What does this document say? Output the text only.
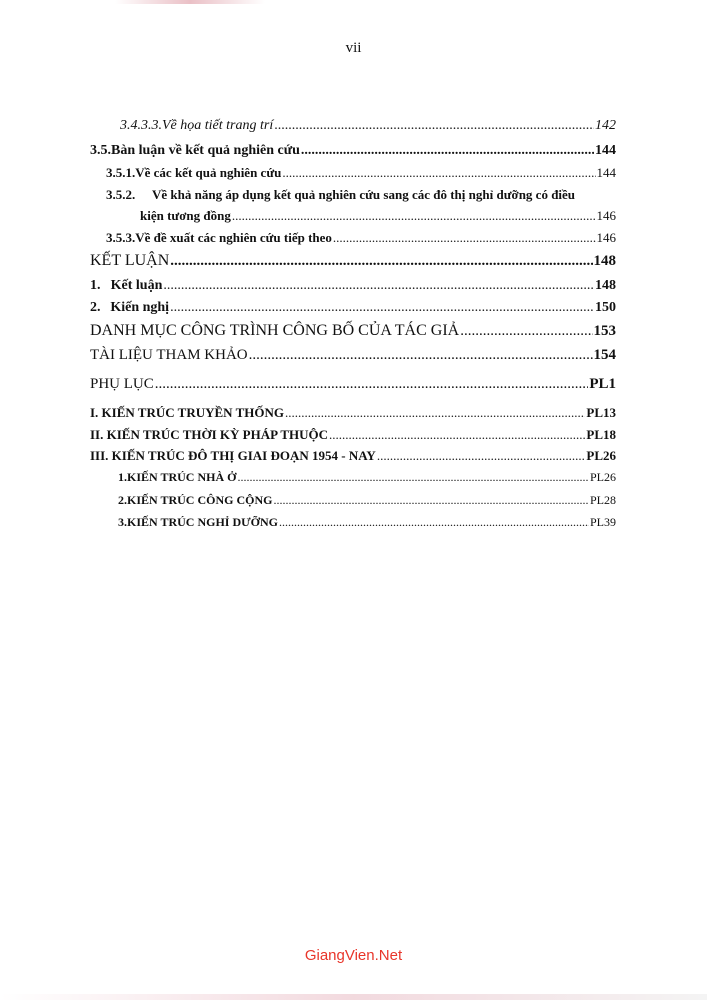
vii
3.4.3.3. Về họa tiết trang trí .....	142
3.5. Bàn luận về kết quả nghiên cứu .....	144
3.5.1. Về các kết quả nghiên cứu .....	144
3.5.2. Về khả năng áp dụng kết quả nghiên cứu sang các đô thị nghỉ dưỡng có điều
kiện tương đồng .....	146
3.5.3. Về đề xuất các nghiên cứu tiếp theo .....	146
KẾT LUẬN .....	148
1. Kết luận .....	148
2. Kiến nghị .....	150
DANH MỤC CÔNG TRÌNH CÔNG BỐ CỦA TÁC GIẢ .....	153
TÀI LIỆU THAM KHẢO .....	154
PHỤ LỤC .....	PL1
I. KIẾN TRÚC TRUYỀN THỐNG .....	PL13
II. KIẾN TRÚC THỜI KỲ PHÁP THUỘC .....	PL18
III. KIẾN TRÚC ĐÔ THỊ GIAI ĐOẠN 1954 - NAY .....	PL26
1. KIẾN TRÚC NHÀ Ở .....	PL26
2. KIẾN TRÚC CÔNG CỘNG .....	PL28
3. KIẾN TRÚC NGHỈ DƯỠNG .....	PL39
GiangVien.Net
